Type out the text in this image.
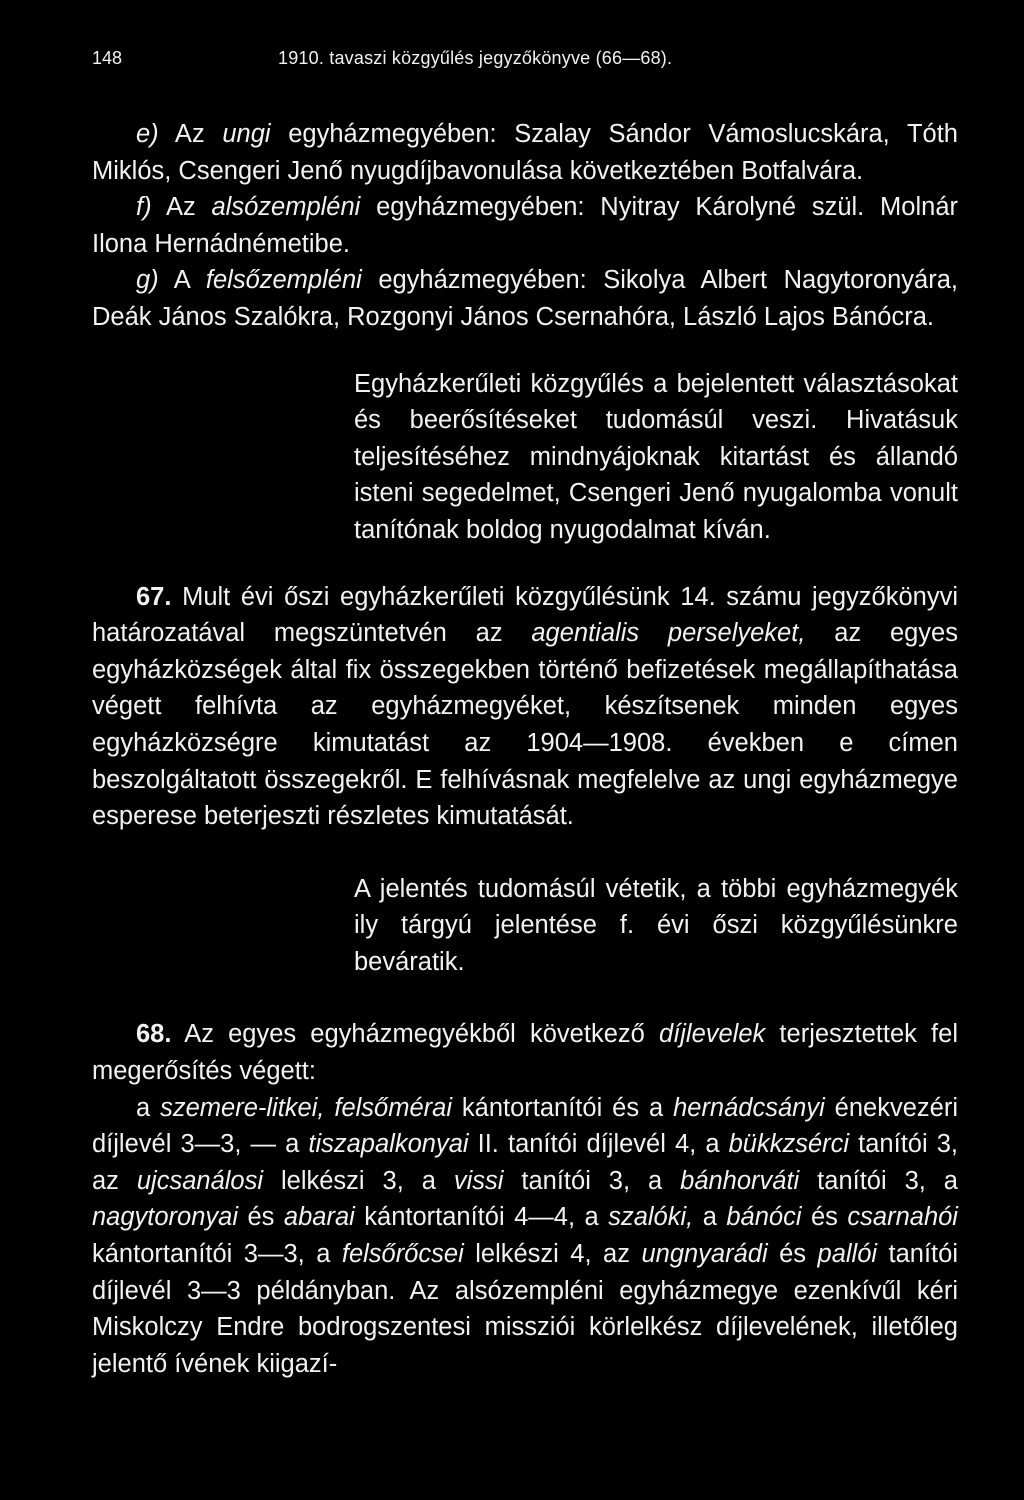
148	1910. tavaszi közgyűlés jegyzőkönyve (66—68).

e) Az ungi egyházmegyében: Szalay Sándor Vámoslucskára, Tóth Miklós, Csengeri Jenő nyugdíjbavonulása következtében Botfalvára.

f) Az alsózempléni egyházmegyében: Nyitray Károlyné szül. Molnár Ilona Hernádnémetibe.

g) A felsőzempléni egyházmegyében: Sikolya Albert Nagytoronyára, Deák János Szalókra, Rozgonyi János Csernahóra, László Lajos Bánócra.

Egyházkerűleti közgyűlés a bejelentett választásokat és beerősítéseket tudomásúl veszi. Hivatásuk teljesítéséhez mindnyájoknak kitartást és állandó isteni segedelmet, Csengeri Jenő nyugalomba vonult tanítónak boldog nyugodalmat kíván.

67. Mult évi őszi egyházkerűleti közgyűlésünk 14. számu jegyzőkönyvi határozatával megszüntetvén az agentialis perselyeket, az egyes egyházközségek által fix összegekben történő befizetések megállapíthatása végett felhívta az egyházmegyéket, készítsenek minden egyes egyházközségre kimutatást az 1904—1908. években e címen beszolgáltatott összegekről. E felhívásnak megfelelve az ungi egyházmegye esperese beterjeszti részletes kimutatását.

A jelentés tudomásúl vétetik, a többi egyházmegyék ily tárgyú jelentése f. évi őszi közgyűlésünkre beváratik.

68. Az egyes egyházmegyékből következő díjlevelek terjesztettek fel megerősítés végett:

a szemere-litkei, felsőmérai kántortanítói és a hernádcsányi énekvezéri díjlevél 3—3, — a tiszapalkonyai II. tanítói díjlevél 4, a bükkzsérci tanítói 3, az ujcsanálosi lelkészi 3, a vissi tanítói 3, a bánhorváti tanítói 3, a nagytoronyai és abarai kántortanítói 4—4, a szalóki, a bánóci és csarnahói kántortanítói 3—3, a felsőrőcsei lelkészi 4, az ungnyarádi és pallói tanítói díjlevél 3—3 példányban. Az alsózempléni egyházmegye ezenkívűl kéri Miskolczy Endre bodrogszentesi missziói körlelkész díjlevelének, illetőleg jelentő ívének kiigazí-
